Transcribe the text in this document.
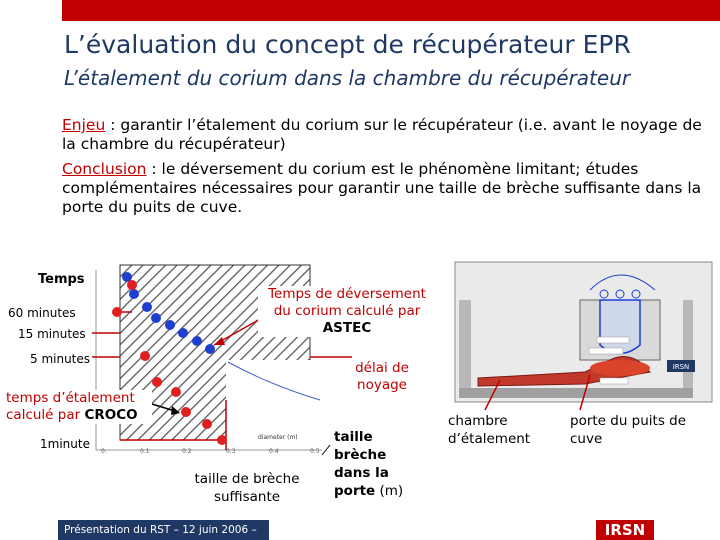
L’évaluation du concept de récupérateur EPR
L’étalement du corium dans la chambre du récupérateur
Enjeu : garantir l’étalement du corium sur le récupérateur (i.e. avant le noyage de la chambre du récupérateur)
Conclusion : le déversement du corium est le phénomène limitant; études complémentaires nécessaires pour garantir une taille de brèche suffisante dans la porte du puits de cuve.
IRSN
Temps
60 minutes
15 minutes
5 minutes
1minute
Temps de déversement du corium calculé par
ASTEC
délai de noyage
temps d’étalement calculé par CROCO
0.	0.1	0.2	0.3	0.4	0.5
diameter (m)
taille de brèche suffisante
taille brèche dans la porte (m)
chambre d’étalement
porte du puits de cuve
Présentation du RST – 12 juin 2006 –	IRSN
